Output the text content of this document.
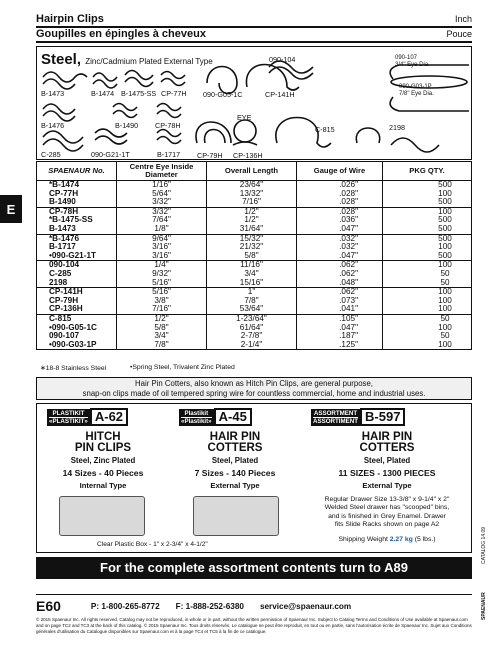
Hairpin Clips	Inch
Goupilles en épingles à cheveux	Pouce
E
Steel, Zinc/Cadmium Plated External Type
B-1473	B-1474 B-1475-SS CP-77H 090-G05-1C	CP-141H
090-104	090-107
3/4" Eye Dia.
090-G03-1P
7/8" Eye Dia.
B-1476	B-1490 CP-78H
C-285	090-G21-1T	B-1717 CP-79H
EYE
CP-136H
C-815	2198
SPAENAUR No.	Centre Eye Inside Diameter	Overall Length	Gauge of Wire	PKG QTY.
*B-1474	1/16"	23/64"	.026"	500
CP-77H	5/64"	13/32"	.028"	100
B-1490	3/32"	7/16"	.028"	500
CP-78H	3/32"	1/2"	.028"	100
*B-1475-SS	7/64"	1/2"	.036"	500
B-1473	1/8"	31/64"	.047"	500
*B-1476	9/64"	15/32"	.032"	500
B-1717	3/16"	21/32"	.032"	100
•090-G21-1T	3/16"	5/8"	.047"	500
090-104	1/4"	11/16"	.062"	100
C-285	9/32"	3/4"	.062"	50
2198	5/16"	15/16"	.048"	50
CP-141H	5/16"	1"	.062"	100
CP-79H	3/8"	7/8"	.073"	100
CP-136H	7/16"	53/64"	.041"	100
C-815	1/2"	1-23/64"	.105"	50
•090-G05-1C	5/8"	61/64"	.047"	100
090-107	3/4"	2-7/8"	.187"	50
•090-G03-1P	7/8"	2-1/4"	.125"	100
∗18-8 Stainless Steel	•Spring Steel, Trivalent Zinc Plated
Hair Pin Cotters, also known as Hitch Pin Clips, are general purpose,
snap-on clips made of oil tempered spring wire for countless commercial, home and industrial uses.
PLASTIKIT
«PLASTIKIT» A-62
HITCH
PIN CLIPS
Steel, Zinc Plated
14 Sizes - 40 Pieces
Internal Type
Plastikit
«Plastikit» A-45
HAIR PIN
COTTERS
Steel, Plated
7 Sizes - 140 Pieces
External Type
ASSORTMENT
ASSORTIMENT B-597
HAIR PIN
COTTERS
Steel, Plated
11 SIZES - 1300 PIECES
External Type
Regular Drawer Size 13-3/8" x 9-1/4" x 2"
Welded Steel drawer has "scooped" bins,
and is finished in Grey Enamel. Drawer
fits Slide Racks shown on page A2
Shipping Weight 2.27 kg (5 lbs.)
Clear Plastic Box - 1" x 2-3/4" x 4-1/2"
For the complete assortment contents turn to A89
CATALOG 14.09
SPAENAUR
E60	P: 1-800-265-8772 F: 1-888-252-6380 service@spaenaur.com
© 2015 Spaenaur Inc. All rights reserved. Catalog may not be reproduced, in whole or in part, without the written permission of Spaenaur Inc. Subject to Catalog Terms and Conditions of Use available at Spaenaur.com and on page TC2 and TC3 at the back of this catalog. © 2015 Spaenaur Inc. Tous droits réservés. Le catalogue ne peut être reproduit, en tout ou en partie, sans l'autorisation écrite de Spaenaur Inc. Sujet aux Conditions générales d'utilisation du Catalogue disponibles sur Spaenaur.com et à la page TC4 et TC5 à la fin de ce catalogue.
